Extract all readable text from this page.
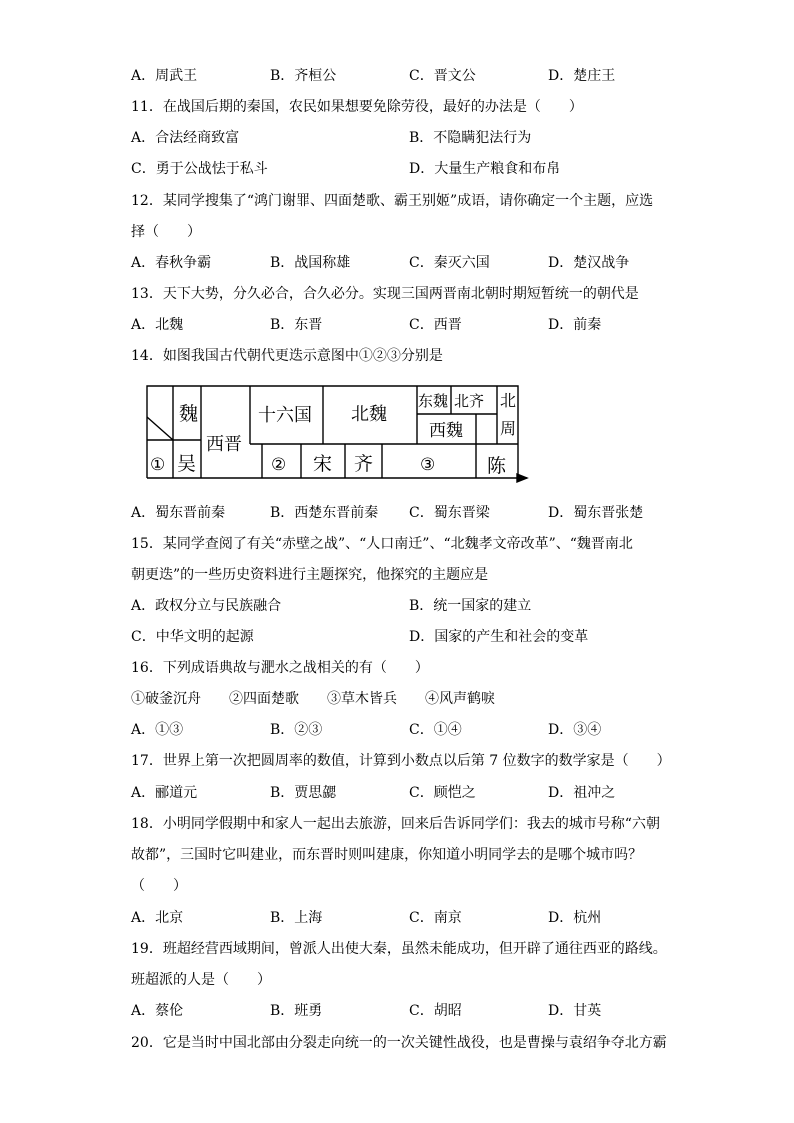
A．周武王	B．齐桓公	C．晋文公	D．楚庄王
11．在战国后期的秦国，农民如果想要免除劳役，最好的办法是（　　）
A．合法经商致富	B．不隐瞒犯法行为
C．勇于公战怯于私斗	D．大量生产粮食和布帛
12．某同学搜集了“鸿门谢罪、四面楚歌、霸王别姬”成语，请你确定一个主题，应选
择（　　）
A．春秋争霸	B．战国称雄	C．秦灭六国	D．楚汉战争
13．天下大势，分久必合，合久必分。实现三国两晋南北朝时期短暂统一的朝代是
A．北魏	B．东晋	C．西晋	D．前秦
14．如图我国古代朝代更迭示意图中①②③分别是
魏
① 吴
西晋
十六国
② 宋 齐
北魏
③
东魏 北齐
西魏
北
周
陈
A．蜀东晋前秦	B．西楚东晋前秦 C．蜀东晋梁	D．蜀东晋张楚
15．某同学查阅了有关“赤壁之战”、“人口南迁”、“北魏孝文帝改革”、“魏晋南北
朝更迭”的一些历史资料进行主题探究，他探究的主题应是
A．政权分立与民族融合	B．统一国家的建立
C．中华文明的起源	D．国家的产生和社会的变革
16．下列成语典故与淝水之战相关的有（　　）
①破釜沉舟　　②四面楚歌　　③草木皆兵　　④风声鹤唳
A．①③	B．②③	C．①④	D．③④
17．世界上第一次把圆周率的数值，计算到小数点以后第 7 位数字的数学家是（　　）
A．郦道元	B．贾思勰	C．顾恺之	D．祖冲之
18．小明同学假期中和家人一起出去旅游，回来后告诉同学们：我去的城市号称“六朝
故都”，三国时它叫建业，而东晋时则叫建康，你知道小明同学去的是哪个城市吗？
（　　）
A．北京	B．上海	C．南京	D．杭州
19．班超经营西域期间，曾派人出使大秦，虽然未能成功，但开辟了通往西亚的路线。
班超派的人是（　　）
A．蔡伦	B．班勇	C．胡昭	D．甘英
20．它是当时中国北部由分裂走向统一的一次关键性战役，也是曹操与袁绍争夺北方霸
